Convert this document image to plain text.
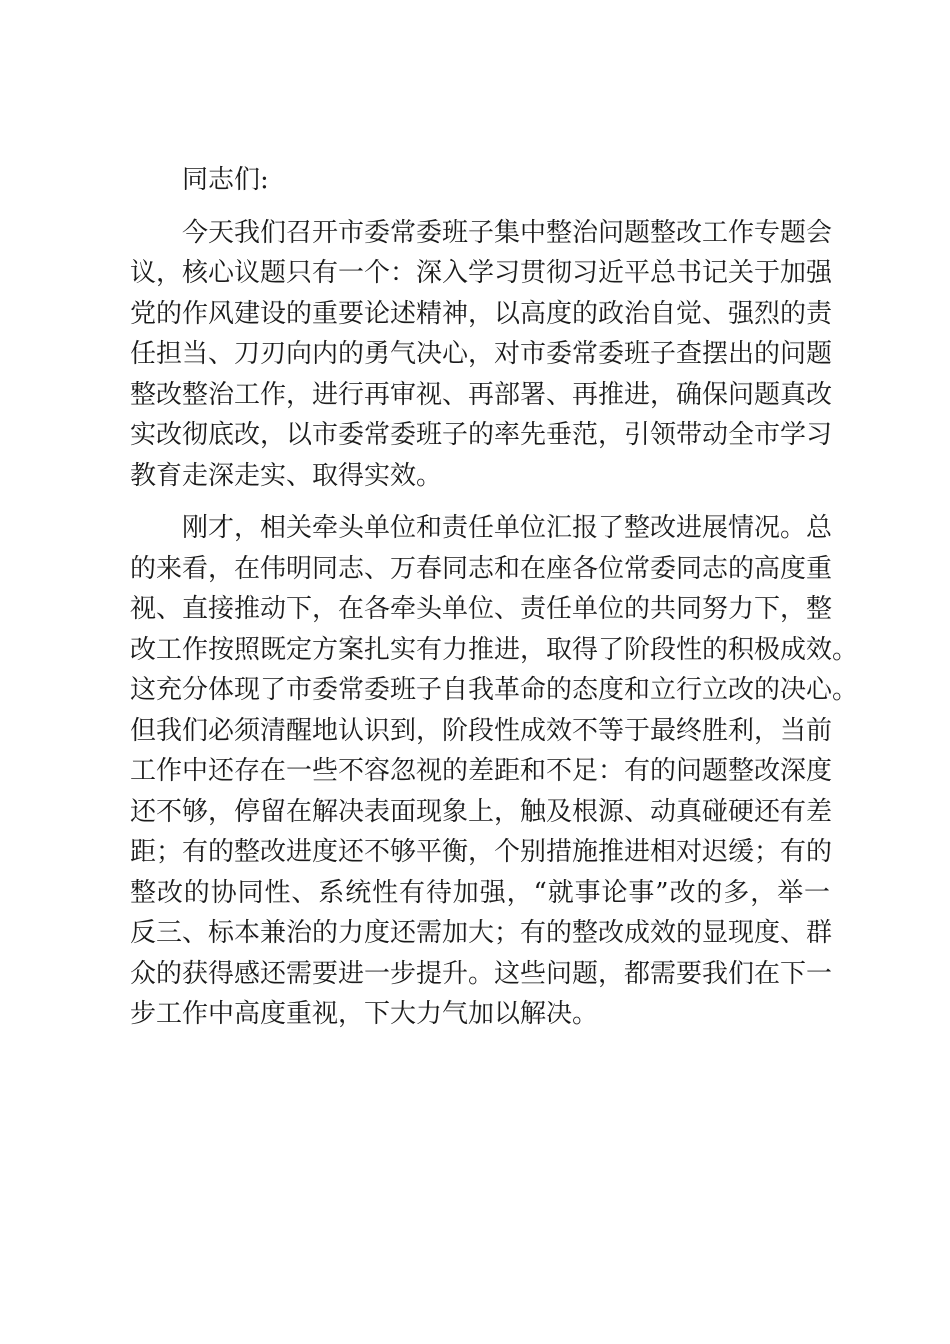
同志们:

今天我们召开市委常委班子集中整治问题整改工作专题会
议，核心议题只有一个：深入学习贯彻习近平总书记关于加强
党的作风建设的重要论述精神，以高度的政治自觉、强烈的责
任担当、刀刃向内的勇气决心，对市委常委班子查摆出的问题
整改整治工作，进行再审视、再部署、再推进，确保问题真改
实改彻底改，以市委常委班子的率先垂范，引领带动全市学习
教育走深走实、取得实效。

刚才，相关牵头单位和责任单位汇报了整改进展情况。总
的来看，在伟明同志、万春同志和在座各位常委同志的高度重
视、直接推动下，在各牵头单位、责任单位的共同努力下，整
改工作按照既定方案扎实有力推进，取得了阶段性的积极成效。
这充分体现了市委常委班子自我革命的态度和立行立改的决心。
但我们必须清醒地认识到，阶段性成效不等于最终胜利，当前
工作中还存在一些不容忽视的差距和不足：有的问题整改深度
还不够，停留在解决表面现象上，触及根源、动真碰硬还有差
距；有的整改进度还不够平衡，个别措施推进相对迟缓；有的
整改的协同性、系统性有待加强，“就事论事”改的多，举一
反三、标本兼治的力度还需加大；有的整改成效的显现度、群
众的获得感还需要进一步提升。这些问题，都需要我们在下一
步工作中高度重视，下大力气加以解决。
